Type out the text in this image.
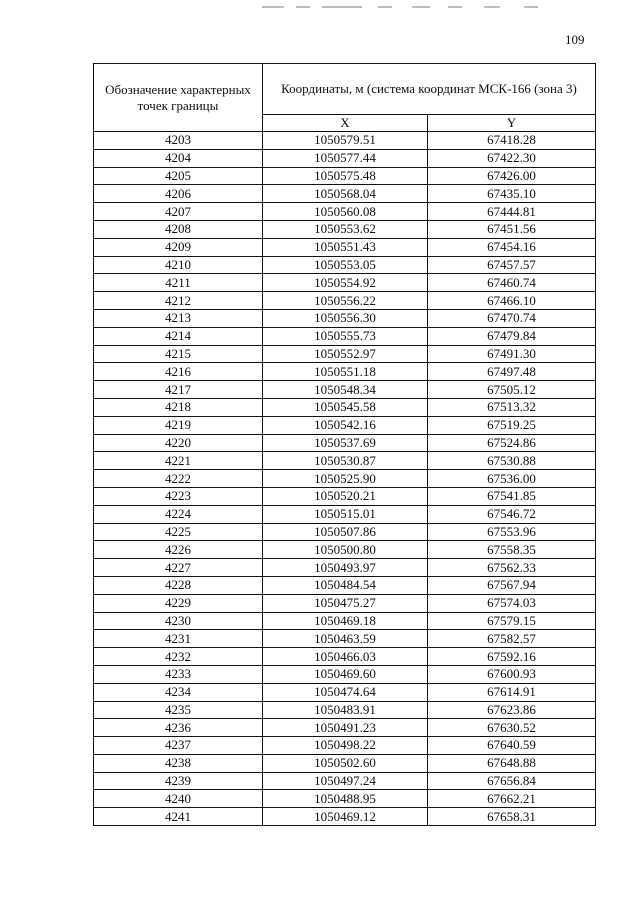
109
Обозначение характерных точек границы	Координаты, м (система координат МСК-166 (зона 3)	
	X	Y
4203	1050579.51	67418.28
4204	1050577.44	67422.30
4205	1050575.48	67426.00
4206	1050568.04	67435.10
4207	1050560.08	67444.81
4208	1050553.62	67451.56
4209	1050551.43	67454.16
4210	1050553.05	67457.57
4211	1050554.92	67460.74
4212	1050556.22	67466.10
4213	1050556.30	67470.74
4214	1050555.73	67479.84
4215	1050552.97	67491.30
4216	1050551.18	67497.48
4217	1050548.34	67505.12
4218	1050545.58	67513.32
4219	1050542.16	67519.25
4220	1050537.69	67524.86
4221	1050530.87	67530.88
4222	1050525.90	67536.00
4223	1050520.21	67541.85
4224	1050515.01	67546.72
4225	1050507.86	67553.96
4226	1050500.80	67558.35
4227	1050493.97	67562.33
4228	1050484.54	67567.94
4229	1050475.27	67574.03
4230	1050469.18	67579.15
4231	1050463.59	67582.57
4232	1050466.03	67592.16
4233	1050469.60	67600.93
4234	1050474.64	67614.91
4235	1050483.91	67623.86
4236	1050491.23	67630.52
4237	1050498.22	67640.59
4238	1050502.60	67648.88
4239	1050497.24	67656.84
4240	1050488.95	67662.21
4241	1050469.12	67658.31
